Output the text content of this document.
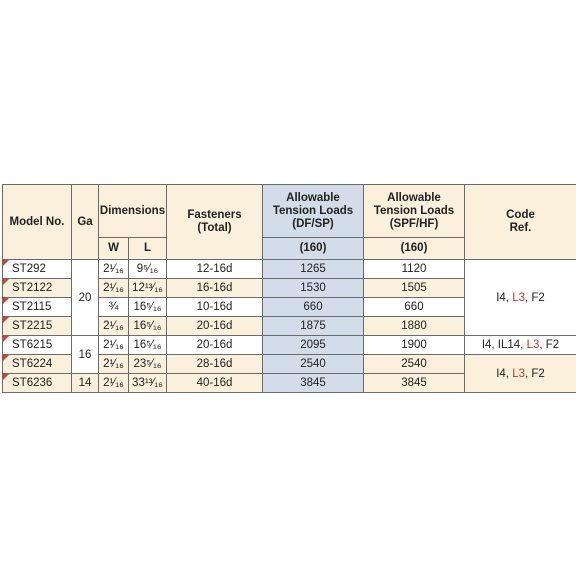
Model No.	Ga	Dimensions		Fasteners (Total)	Allowable Tension Loads (DF/SP)	Allowable Tension Loads (SPF/HF)	Code Ref.
		W	L		(160)	(160)	

ST292	20	2¹⁄₁₆	9⁵⁄₁₆	12-16d	1265	1120	I4, L3, F2

ST2122		2¹⁄₁₆	12¹³⁄₁₆	16-16d	1530	1505	

ST2115		¾	16⁵⁄₁₆	10-16d	660	660	

ST2215		2¹⁄₁₆	16⁵⁄₁₆	20-16d	1875	1880	

ST6215	16	2¹⁄₁₆	16⁵⁄₁₆	20-16d	2095	1900	I4, IL14, L3, F2

ST6224		2¹⁄₁₆	23⁵⁄₁₆	28-16d	2540	2540	I4, L3, F2

ST6236	14	2¹⁄₁₆	33¹³⁄₁₆	40-16d	3845	3845	
